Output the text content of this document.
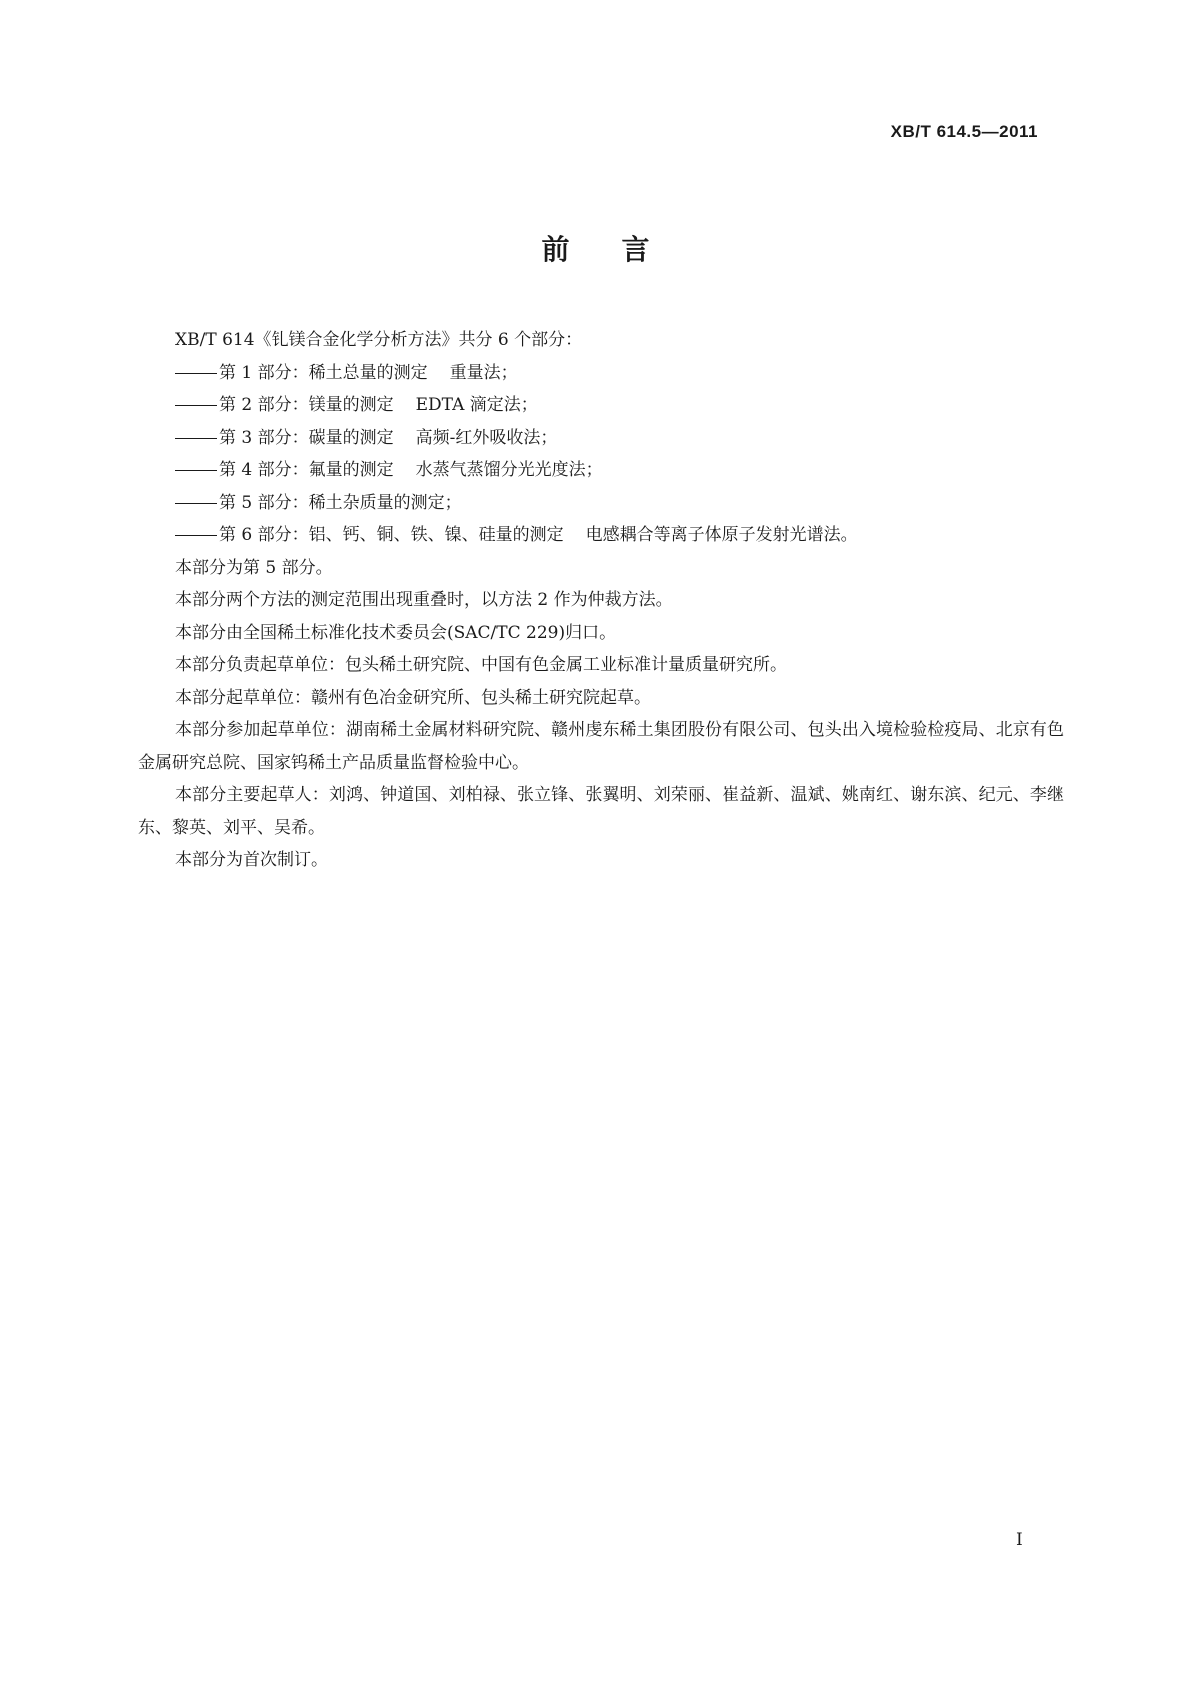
XB/T 614.5—2011
前言

XB/T 614《钆镁合金化学分析方法》共分 6 个部分：

第 1 部分：稀土总量的测定 重量法；

第 2 部分：镁量的测定 EDTA 滴定法；

第 3 部分：碳量的测定 高频-红外吸收法；

第 4 部分：氟量的测定 水蒸气蒸馏分光光度法；

第 5 部分：稀土杂质量的测定；

第 6 部分：铝、钙、铜、铁、镍、硅量的测定 电感耦合等离子体原子发射光谱法。

本部分为第 5 部分。

本部分两个方法的测定范围出现重叠时，以方法 2 作为仲裁方法。

本部分由全国稀土标准化技术委员会(SAC/TC 229)归口。

本部分负责起草单位：包头稀土研究院、中国有色金属工业标准计量质量研究所。

本部分起草单位：赣州有色冶金研究所、包头稀土研究院起草。

本部分参加起草单位：湖南稀土金属材料研究院、赣州虔东稀土集团股份有限公司、包头出入境检验检疫局、北京有色金属研究总院、国家钨稀土产品质量监督检验中心。

本部分主要起草人：刘鸿、钟道国、刘柏禄、张立锋、张翼明、刘荣丽、崔益新、温斌、姚南红、谢东滨、纪元、李继东、黎英、刘平、吴希。

本部分为首次制订。

I
